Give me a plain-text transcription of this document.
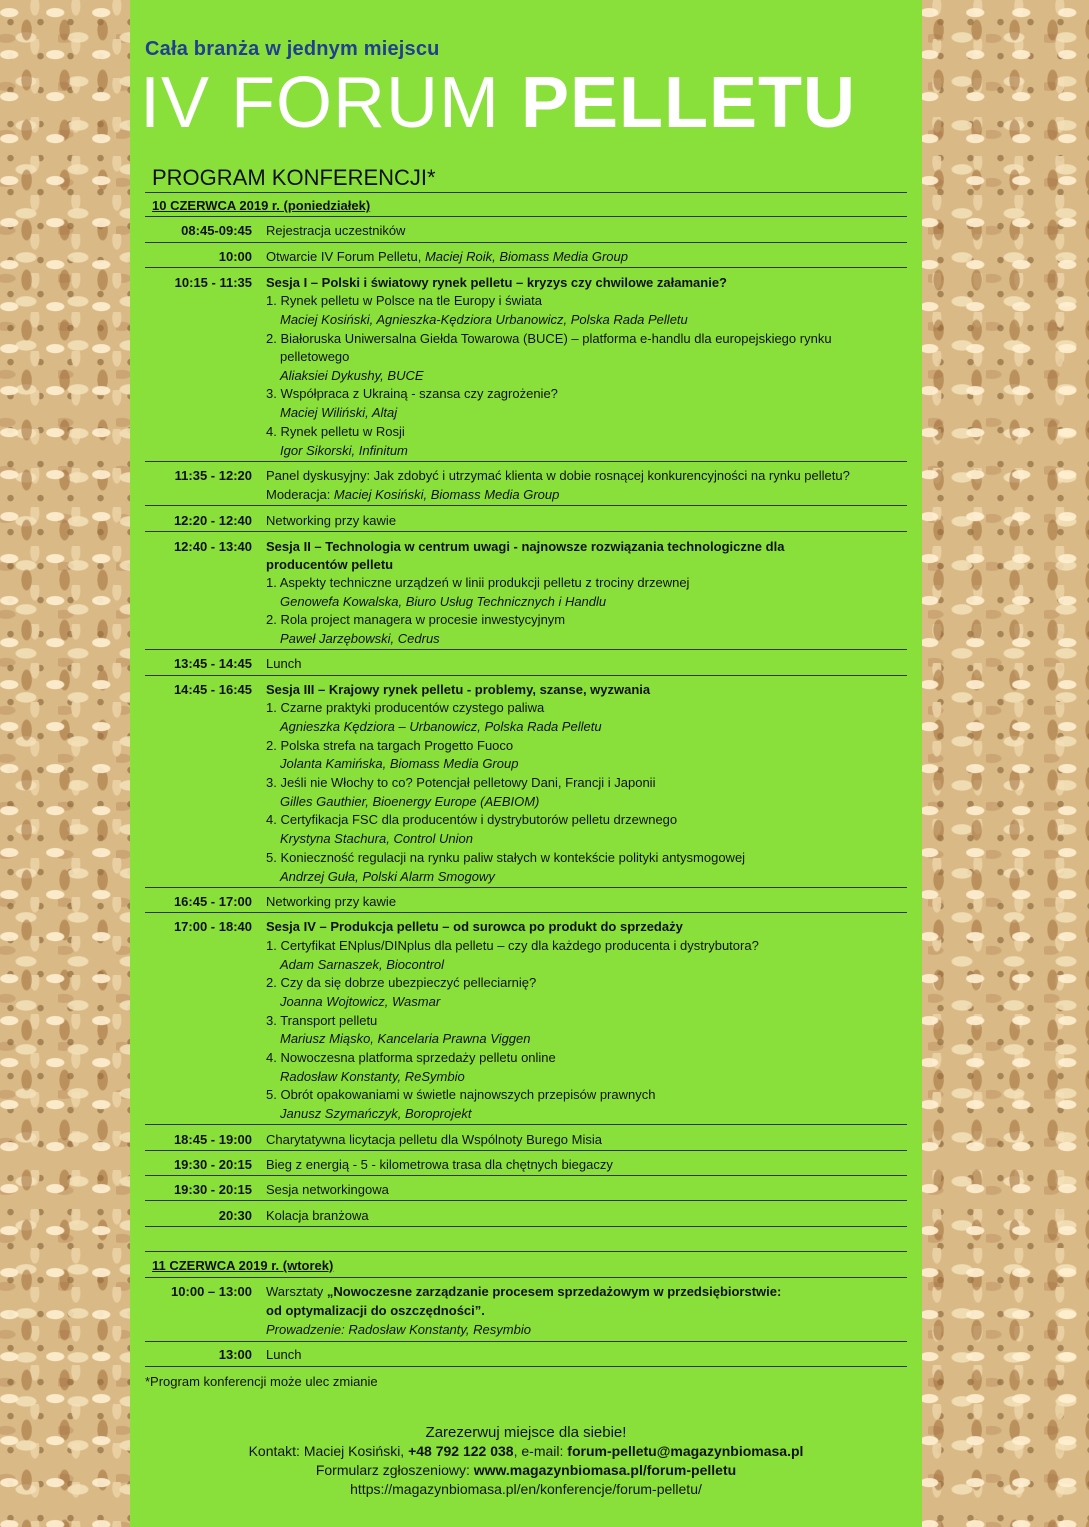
Cała branża w jednym miejscu
IV FORUM PELLETU
PROGRAM KONFERENCJI*
10 CZERWCA 2019 r. (poniedziałek)
08:45-09:45 Rejestracja uczestników
10:00 Otwarcie IV Forum Pelletu, Maciej Roik, Biomass Media Group
10:15 - 11:35 Sesja I – Polski i światowy rynek pelletu – kryzys czy chwilowe załamanie?
1. Rynek pelletu w Polsce na tle Europy i świata
Maciej Kosiński, Agnieszka-Kędziora Urbanowicz, Polska Rada Pelletu
2. Białoruska Uniwersalna Giełda Towarowa (BUCE) – platforma e-handlu dla europejskiego rynku
pelletowego
Aliaksiei Dykushy, BUCE
3. Współpraca z Ukrainą - szansa czy zagrożenie?
Maciej Wiliński, Altaj
4. Rynek pelletu w Rosji
Igor Sikorski, Infinitum
11:35 - 12:20 Panel dyskusyjny: Jak zdobyć i utrzymać klienta w dobie rosnącej konkurencyjności na rynku pelletu?
Moderacja: Maciej Kosiński, Biomass Media Group
12:20 - 12:40 Networking przy kawie
12:40 - 13:40 Sesja II – Technologia w centrum uwagi - najnowsze rozwiązania technologiczne dla
producentów pelletu
1. Aspekty techniczne urządzeń w linii produkcji pelletu z trociny drzewnej
Genowefa Kowalska, Biuro Usług Technicznych i Handlu
2. Rola project managera w procesie inwestycyjnym
Paweł Jarzębowski, Cedrus
13:45 - 14:45 Lunch
14:45 - 16:45 Sesja III – Krajowy rynek pelletu - problemy, szanse, wyzwania
1. Czarne praktyki producentów czystego paliwa
Agnieszka Kędziora – Urbanowicz, Polska Rada Pelletu
2. Polska strefa na targach Progetto Fuoco
Jolanta Kamińska, Biomass Media Group
3. Jeśli nie Włochy to co? Potencjał pelletowy Dani, Francji i Japonii
Gilles Gauthier, Bioenergy Europe (AEBIOM)
4. Certyfikacja FSC dla producentów i dystrybutorów pelletu drzewnego
Krystyna Stachura, Control Union
5. Konieczność regulacji na rynku paliw stałych w kontekście polityki antysmogowej
Andrzej Guła, Polski Alarm Smogowy
16:45 - 17:00 Networking przy kawie
17:00 - 18:40 Sesja IV – Produkcja pelletu – od surowca po produkt do sprzedaży
1. Certyfikat ENplus/DINplus dla pelletu – czy dla każdego producenta i dystrybutora?
Adam Sarnaszek, Biocontrol
2. Czy da się dobrze ubezpieczyć pelleciarnię?
Joanna Wojtowicz, Wasmar
3. Transport pelletu
Mariusz Miąsko, Kancelaria Prawna Viggen
4. Nowoczesna platforma sprzedaży pelletu online
Radosław Konstanty, ReSymbio
5. Obrót opakowaniami w świetle najnowszych przepisów prawnych
Janusz Szymańczyk, Boroprojekt
18:45 - 19:00 Charytatywna licytacja pelletu dla Wspólnoty Burego Misia
19:30 - 20:15 Bieg z energią - 5 - kilometrowa trasa dla chętnych biegaczy
19:30 - 20:15 Sesja networkingowa
20:30 Kolacja branżowa
11 CZERWCA 2019 r. (wtorek)
10:00 – 13:00 Warsztaty „Nowoczesne zarządzanie procesem sprzedażowym w przedsiębiorstwie:
od optymalizacji do oszczędności”.
Prowadzenie: Radosław Konstanty, Resymbio
13:00 Lunch
*Program konferencji może ulec zmianie
Zarezerwuj miejsce dla siebie!
Kontakt: Maciej Kosiński, +48 792 122 038, e-mail: forum-pelletu@magazynbiomasa.pl
Formularz zgłoszeniowy: www.magazynbiomasa.pl/forum-pelletu
https://magazynbiomasa.pl/en/konferencje/forum-pelletu/
